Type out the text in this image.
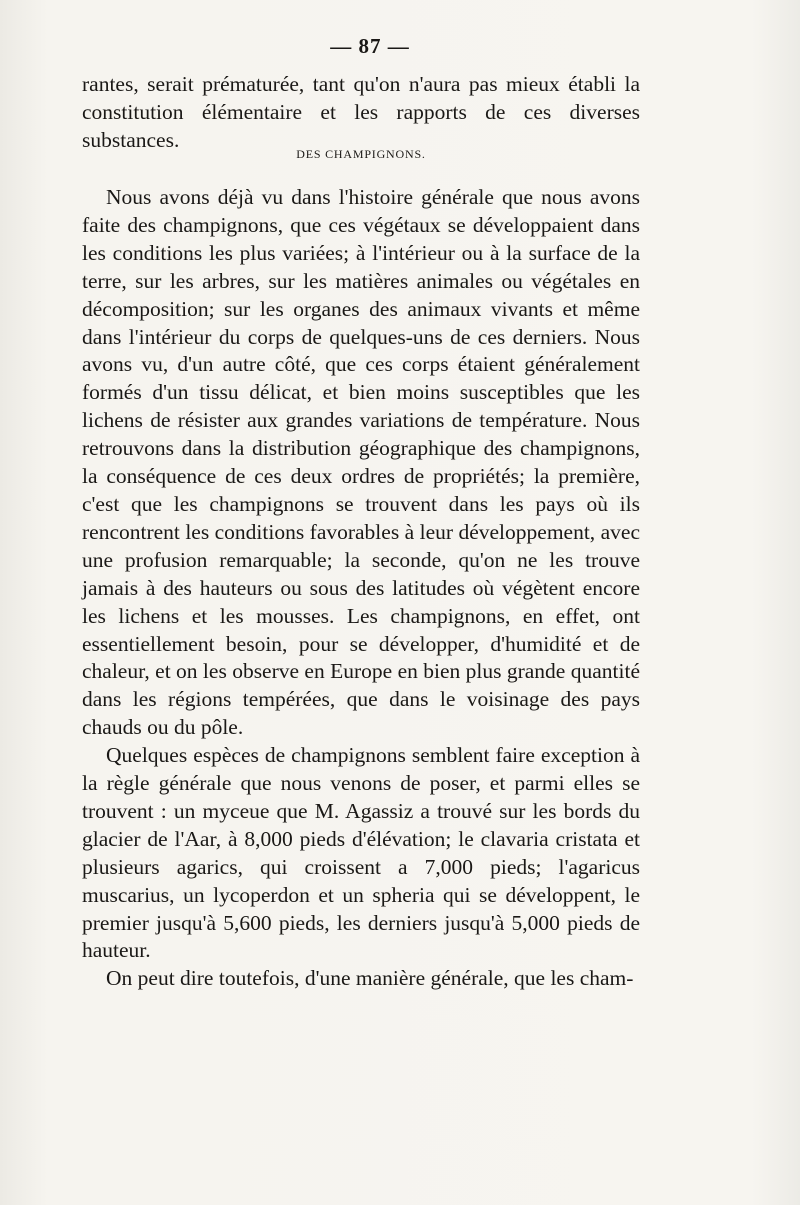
— 87 —

rantes, serait prématurée, tant qu'on n'aura pas mieux établi la constitution élémentaire et les rapports de ces diverses substances.

DES CHAMPIGNONS.

Nous avons déjà vu dans l'histoire générale que nous avons faite des champignons, que ces végétaux se développaient dans les conditions les plus variées; à l'intérieur ou à la surface de la terre, sur les arbres, sur les matières animales ou végétales en décomposition; sur les organes des animaux vivants et même dans l'intérieur du corps de quelques-uns de ces derniers. Nous avons vu, d'un autre côté, que ces corps étaient généralement formés d'un tissu délicat, et bien moins susceptibles que les lichens de résister aux grandes variations de température. Nous retrouvons dans la distribution géographique des champignons, la conséquence de ces deux ordres de propriétés; la première, c'est que les champignons se trouvent dans les pays où ils rencontrent les conditions favorables à leur développement, avec une profusion remarquable; la seconde, qu'on ne les trouve jamais à des hauteurs ou sous des latitudes où végètent encore les lichens et les mousses. Les champignons, en effet, ont essentiellement besoin, pour se développer, d'humidité et de chaleur, et on les observe en Europe en bien plus grande quantité dans les régions tempérées, que dans le voisinage des pays chauds ou du pôle.

Quelques espèces de champignons semblent faire exception à la règle générale que nous venons de poser, et parmi elles se trouvent : un myceue que M. Agassiz a trouvé sur les bords du glacier de l'Aar, à 8,000 pieds d'élévation; le clavaria cristata et plusieurs agarics, qui croissent a 7,000 pieds; l'agaricus muscarius, un lycoperdon et un spheria qui se développent, le premier jusqu'à 5,600 pieds, les derniers jusqu'à 5,000 pieds de hauteur.

On peut dire toutefois, d'une manière générale, que les cham-
